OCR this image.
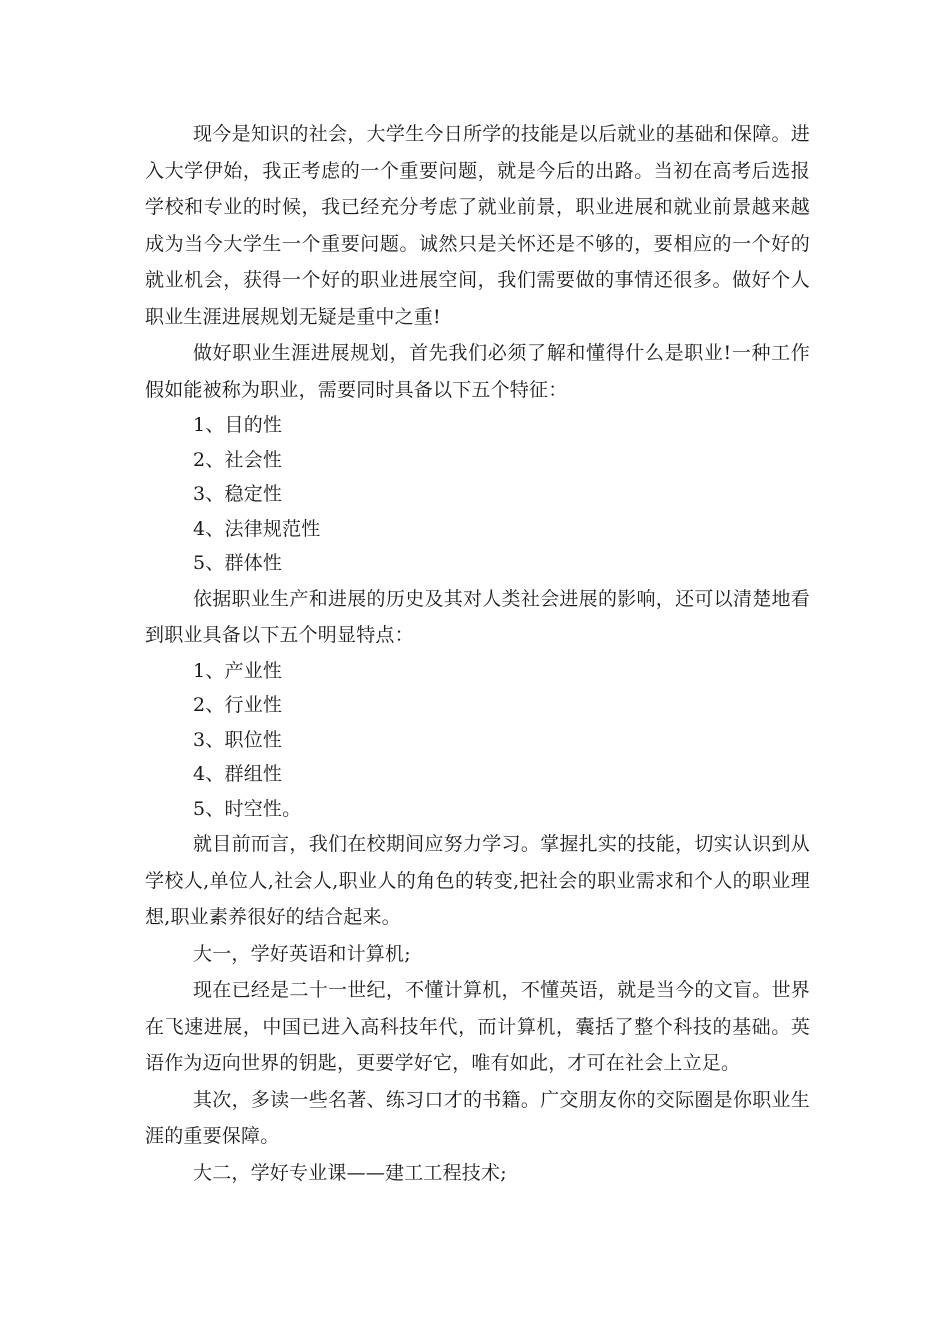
现今是知识的社会，大学生今日所学的技能是以后就业的基础和保障。进入大学伊始，我正考虑的一个重要问题，就是今后的出路。当初在高考后选报学校和专业的时候，我已经充分考虑了就业前景，职业进展和就业前景越来越成为当今大学生一个重要问题。诚然只是关怀还是不够的，要相应的一个好的就业机会，获得一个好的职业进展空间，我们需要做的事情还很多。做好个人职业生涯进展规划无疑是重中之重!

做好职业生涯进展规划，首先我们必须了解和懂得什么是职业!一种工作假如能被称为职业，需要同时具备以下五个特征：

1、目的性

2、社会性

3、稳定性

4、法律规范性

5、群体性

依据职业生产和进展的历史及其对人类社会进展的影响，还可以清楚地看到职业具备以下五个明显特点：

1、产业性

2、行业性

3、职位性

4、群组性

5、时空性。

就目前而言，我们在校期间应努力学习。掌握扎实的技能，切实认识到从学校人,单位人,社会人,职业人的角色的转变,把社会的职业需求和个人的职业理想,职业素养很好的结合起来。

大一，学好英语和计算机;

现在已经是二十一世纪，不懂计算机，不懂英语，就是当今的文盲。世界在飞速进展，中国已进入高科技年代，而计算机，囊括了整个科技的基础。英语作为迈向世界的钥匙，更要学好它，唯有如此，才可在社会上立足。

其次，多读一些名著、练习口才的书籍。广交朋友你的交际圈是你职业生涯的重要保障。

大二，学好专业课——建工工程技术;
